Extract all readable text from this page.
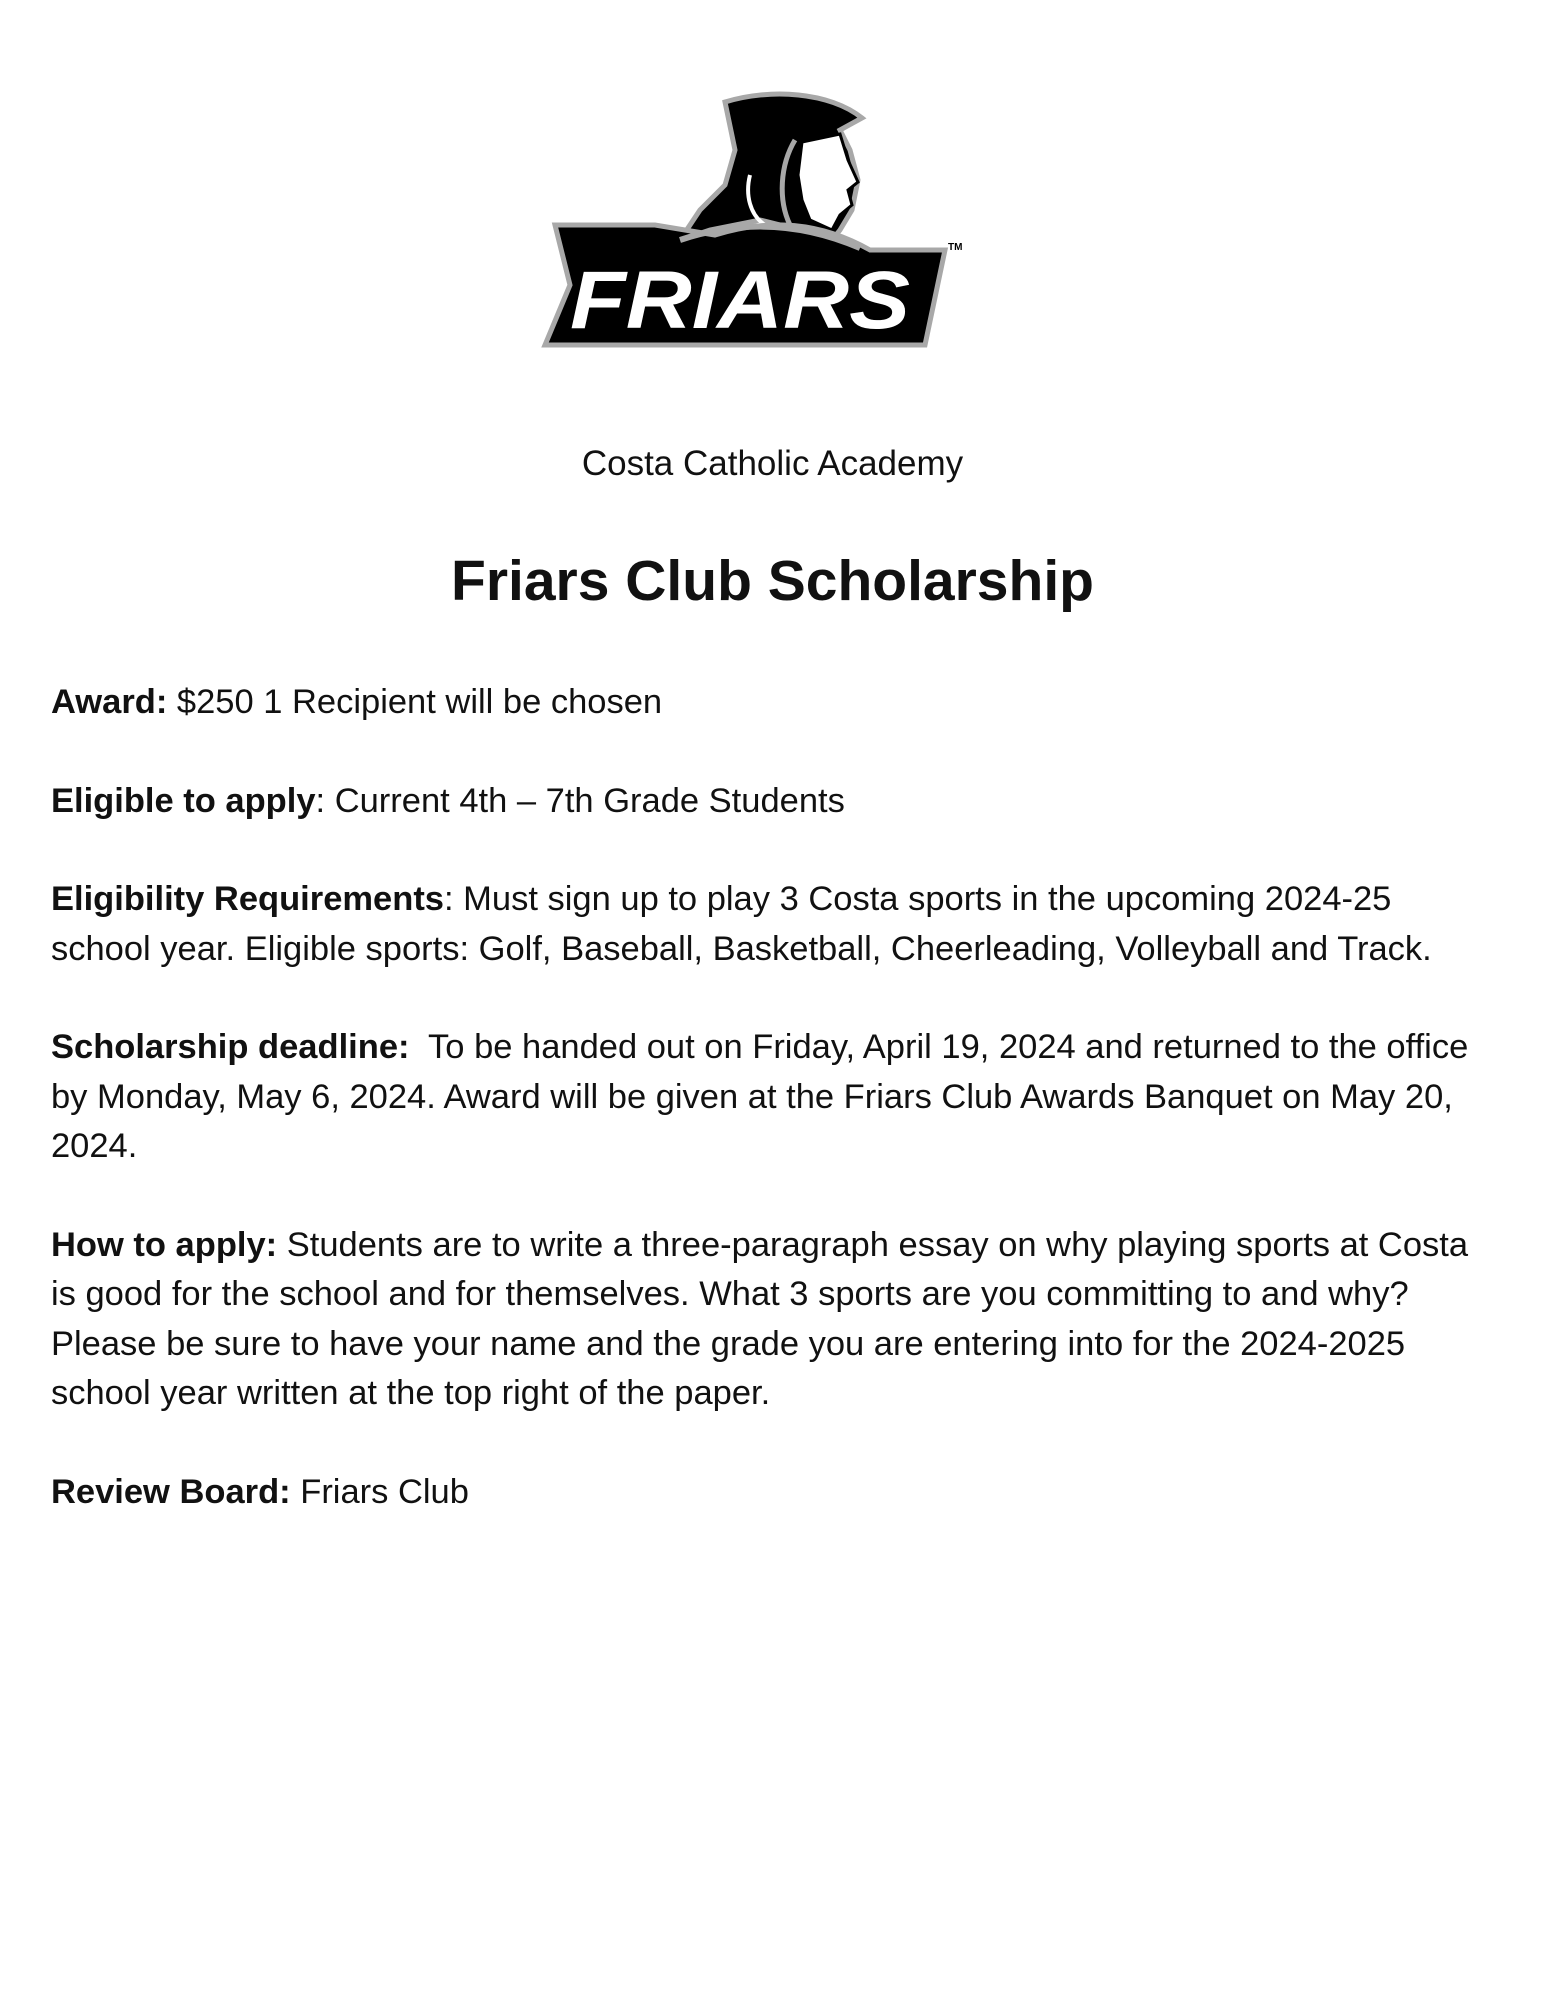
FRIARS
TM
Costa Catholic Academy
Friars Club Scholarship

Award: $250 1 Recipient will be chosen

Eligible to apply: Current 4th – 7th Grade Students

Eligibility Requirements: Must sign up to play 3 Costa sports in the upcoming 2024-25 school year. Eligible sports: Golf, Baseball, Basketball, Cheerleading, Volleyball and Track.

Scholarship deadline:  To be handed out on Friday, April 19, 2024 and returned to the office by Monday, May 6, 2024. Award will be given at the Friars Club Awards Banquet on May 20, 2024.

How to apply: Students are to write a three-paragraph essay on why playing sports at Costa is good for the school and for themselves. What 3 sports are you committing to and why? Please be sure to have your name and the grade you are entering into for the 2024-2025 school year written at the top right of the paper.

Review Board: Friars Club
